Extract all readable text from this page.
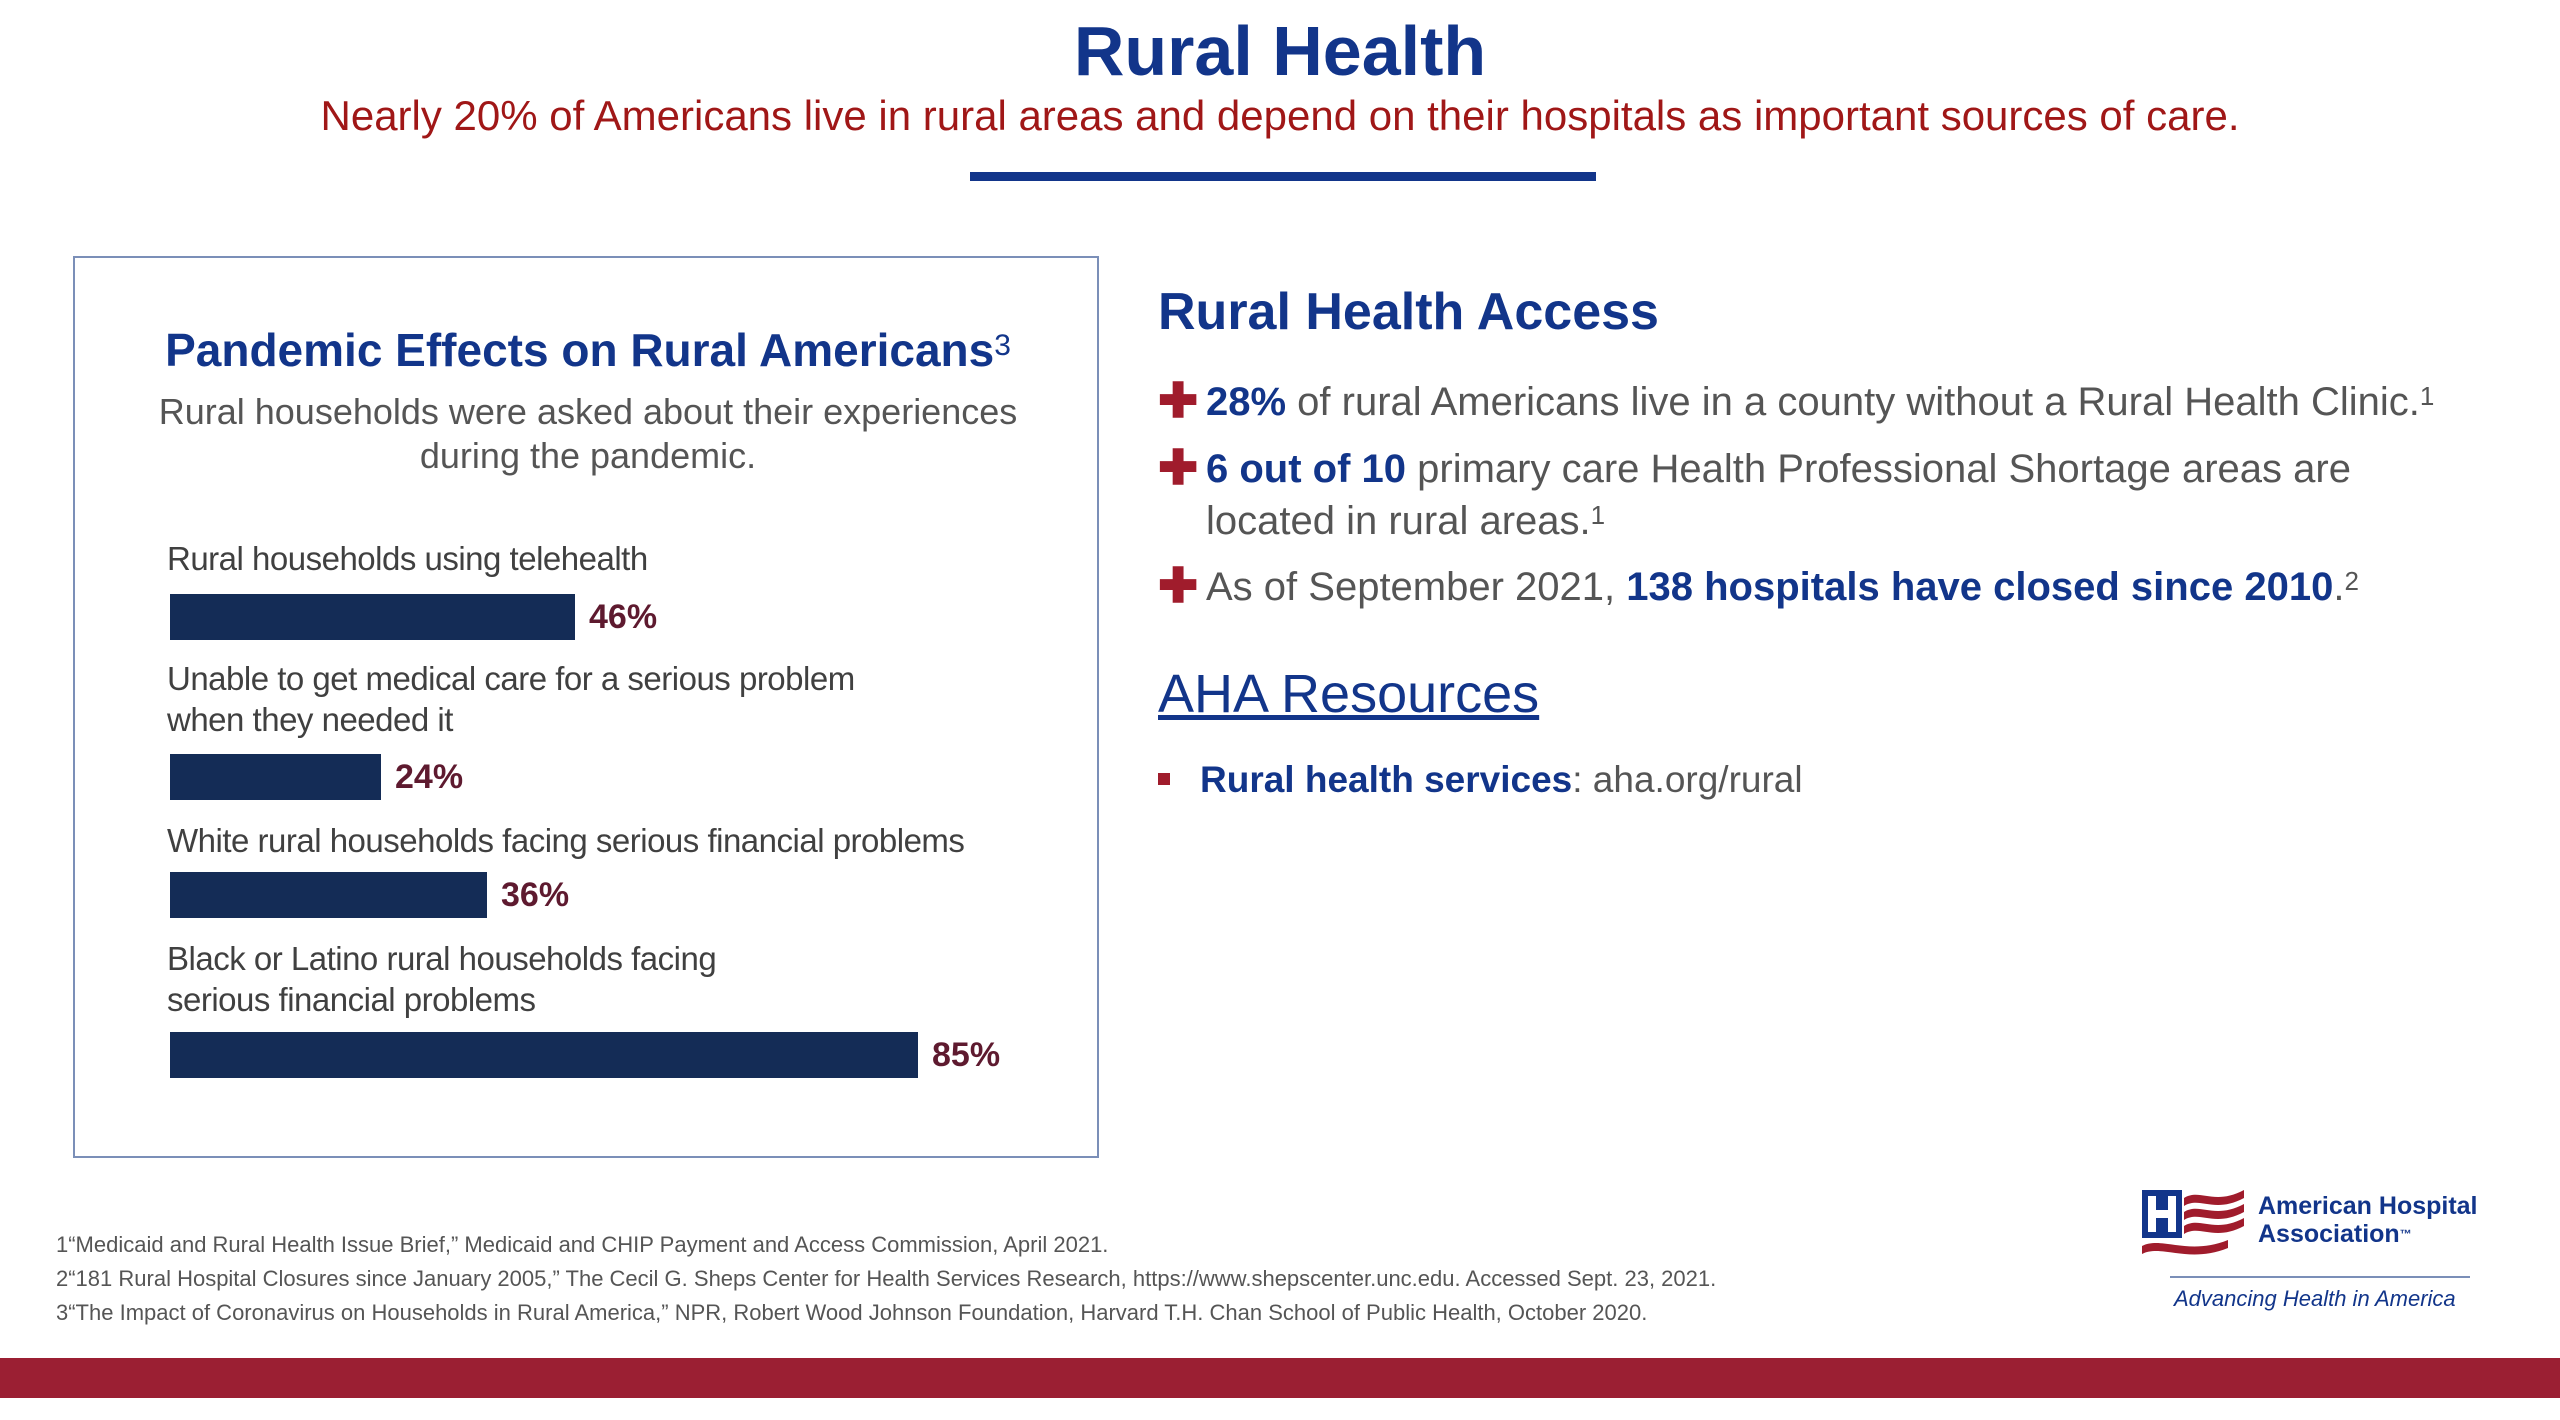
Rural Health
Nearly 20% of Americans live in rural areas and depend on their hospitals as important sources of care.
Pandemic Effects on Rural Americans$^3$
Rural households were asked about their experiences
during the pandemic.
Rural households using telehealth
46%
Unable to get medical care for a serious problem
when they needed it
24%
White rural households facing serious financial problems
36%
Black or Latino rural households facing
serious financial problems
85%
Rural Health Access
✚ 28% of rural Americans live in a county without a Rural Health Clinic.$^1$
✚ 6 out of 10 primary care Health Professional Shortage areas are
located in rural areas.$^1$
✚ As of September 2021, 138 hospitals have closed since 2010.$^2$
AHA Resources
Rural health services: aha.org/rural
1“Medicaid and Rural Health Issue Brief,” Medicaid and CHIP Payment and Access Commission, April 2021.
2“181 Rural Hospital Closures since January 2005,” The Cecil G. Sheps Center for Health Services Research, https://www.shepscenter.unc.edu. Accessed Sept. 23, 2021.
3“The Impact of Coronavirus on Households in Rural America,” NPR, Robert Wood Johnson Foundation, Harvard T.H. Chan School of Public Health, October 2020.
American Hospital
Association™
Advancing Health in America
